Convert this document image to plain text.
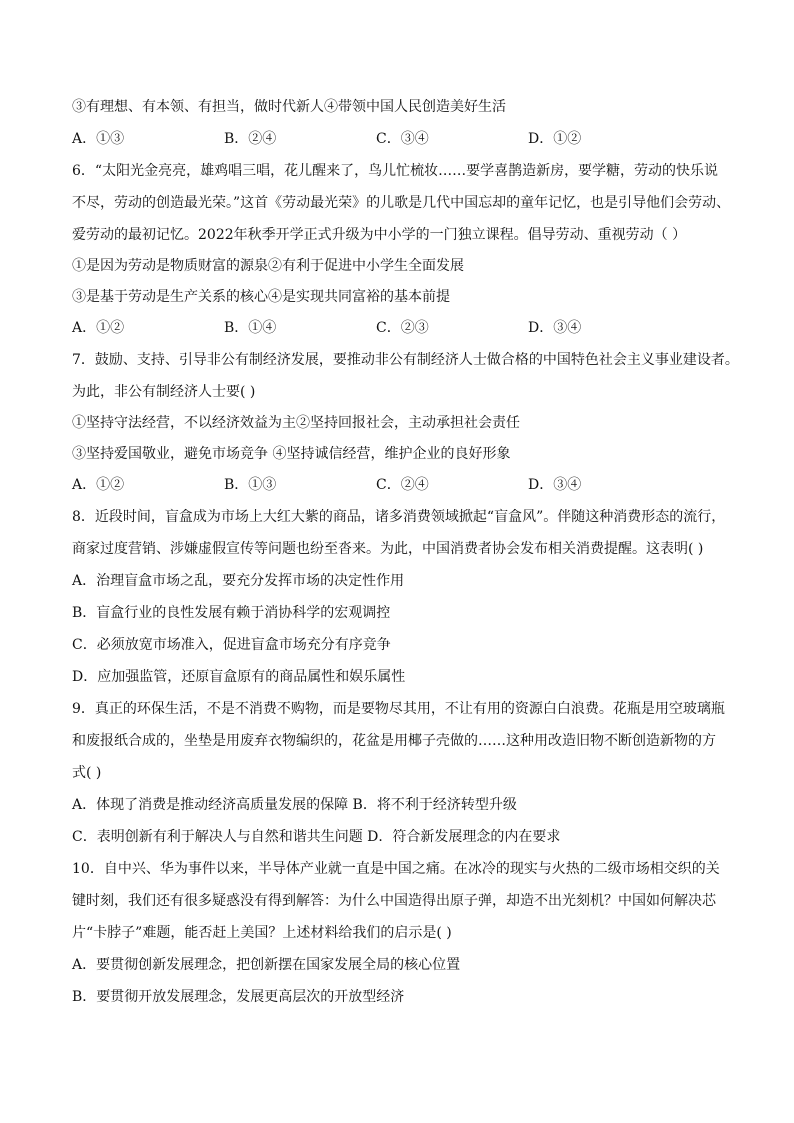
③有理想、有本领、有担当，做时代新人④带领中国人民创造美好生活

A．①③	B．②④	C．③④	D．①②

6．“太阳光金亮亮，雄鸡唱三唱，花儿醒来了，鸟儿忙梳妆……要学喜鹊造新房，要学糖，劳动的快乐说

不尽，劳动的创造最光荣。”这首《劳动最光荣》的儿歌是几代中国忘却的童年记忆，也是引导他们会劳动、

爱劳动的最初记忆。2022年秋季开学正式升级为中小学的一门独立课程。倡导劳动、重视劳动（ ）

①是因为劳动是物质财富的源泉②有利于促进中小学生全面发展

③是基于劳动是生产关系的核心④是实现共同富裕的基本前提

A．①②	B．①④	C．②③	D．③④

7．鼓励、支持、引导非公有制经济发展，要推动非公有制经济人士做合格的中国特色社会主义事业建设者。

为此，非公有制经济人士要( )

①坚持守法经营，不以经济效益为主②坚持回报社会，主动承担社会责任

③坚持爱国敬业，避免市场竞争 ④坚持诚信经营，维护企业的良好形象

A．①②	B．①③	C．②④	D．③④

8．近段时间，盲盒成为市场上大红大紫的商品，诸多消费领域掀起“盲盒风”。伴随这种消费形态的流行，

商家过度营销、涉嫌虚假宣传等问题也纷至沓来。为此，中国消费者协会发布相关消费提醒。这表明( )

A．治理盲盒市场之乱，要充分发挥市场的决定性作用

B．盲盒行业的良性发展有赖于消协科学的宏观调控

C．必须放宽市场准入，促进盲盒市场充分有序竞争

D．应加强监管，还原盲盒原有的商品属性和娱乐属性

9．真正的环保生活，不是不消费不购物，而是要物尽其用，不让有用的资源白白浪费。花瓶是用空玻璃瓶

和废报纸合成的，坐垫是用废弃衣物编织的，花盆是用椰子壳做的……这种用改造旧物不断创造新物的方

式( )

A．体现了消费是推动经济高质量发展的保障 B．将不利于经济转型升级

C．表明创新有利于解决人与自然和谐共生问题 D．符合新发展理念的内在要求

10．自中兴、华为事件以来，半导体产业就一直是中国之痛。在冰冷的现实与火热的二级市场相交织的关

键时刻，我们还有很多疑惑没有得到解答：为什么中国造得出原子弹，却造不出光刻机？中国如何解决芯

片“卡脖子”难题，能否赶上美国？上述材料给我们的启示是( )

A．要贯彻创新发展理念，把创新摆在国家发展全局的核心位置

B．要贯彻开放发展理念，发展更高层次的开放型经济
